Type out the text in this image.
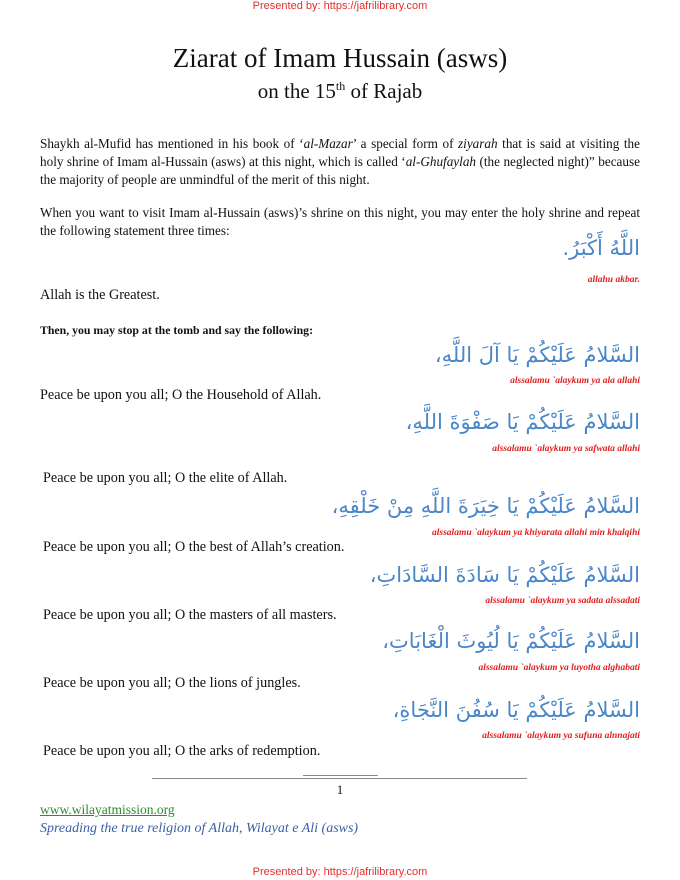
Presented by: https://jafrilibrary.com
Ziarat of Imam Hussain (asws)
on the 15th of Rajab
Shaykh al-Mufid has mentioned in his book of ‘al-Mazar’ a special form of ziyarah that is said at visiting the holy shrine of Imam al-Hussain (asws) at this night, which is called ‘al-Ghufaylah (the neglected night)” because the majority of people are unmindful of the merit of this night.
When you want to visit Imam al-Hussain (asws)’s shrine on this night, you may enter the holy shrine and repeat the following statement three times:
اللَّهُ أَكْبَرُ.
allahu akbar.
Allah is the Greatest.
Then, you may stop at the tomb and say the following:
السَّلامُ عَلَيْكُمْ يَا آلَ اللَّهِ،
alssalamu `alaykum ya ala allahi
Peace be upon you all; O the Household of Allah.
السَّلامُ عَلَيْكُمْ يَا صَفْوَةَ اللَّهِ،
alssalamu `alaykum ya safwata allahi
Peace be upon you all; O the elite of Allah.
السَّلامُ عَلَيْكُمْ يَا خِيَرَةَ اللَّهِ مِنْ خَلْقِهِ،
alssalamu `alaykum ya khiyarata allahi min khalqihi
Peace be upon you all; O the best of Allah’s creation.
السَّلامُ عَلَيْكُمْ يَا سَادَةَ السَّادَاتِ،
alssalamu `alaykum ya sadata alssadati
Peace be upon you all; O the masters of all masters.
السَّلامُ عَلَيْكُمْ يَا لُيُوثَ الْغَابَاتِ،
alssalamu `alaykum ya luyotha alghabati
Peace be upon you all; O the lions of jungles.
السَّلامُ عَلَيْكُمْ يَا سُفُنَ النَّجَاةِ،
alssalamu `alaykum ya sufuna alnnajati
Peace be upon you all; O the arks of redemption.
1
www.wilayatmission.org
Spreading the true religion of Allah, Wilayat e Ali (asws)
Presented by: https://jafrilibrary.com
